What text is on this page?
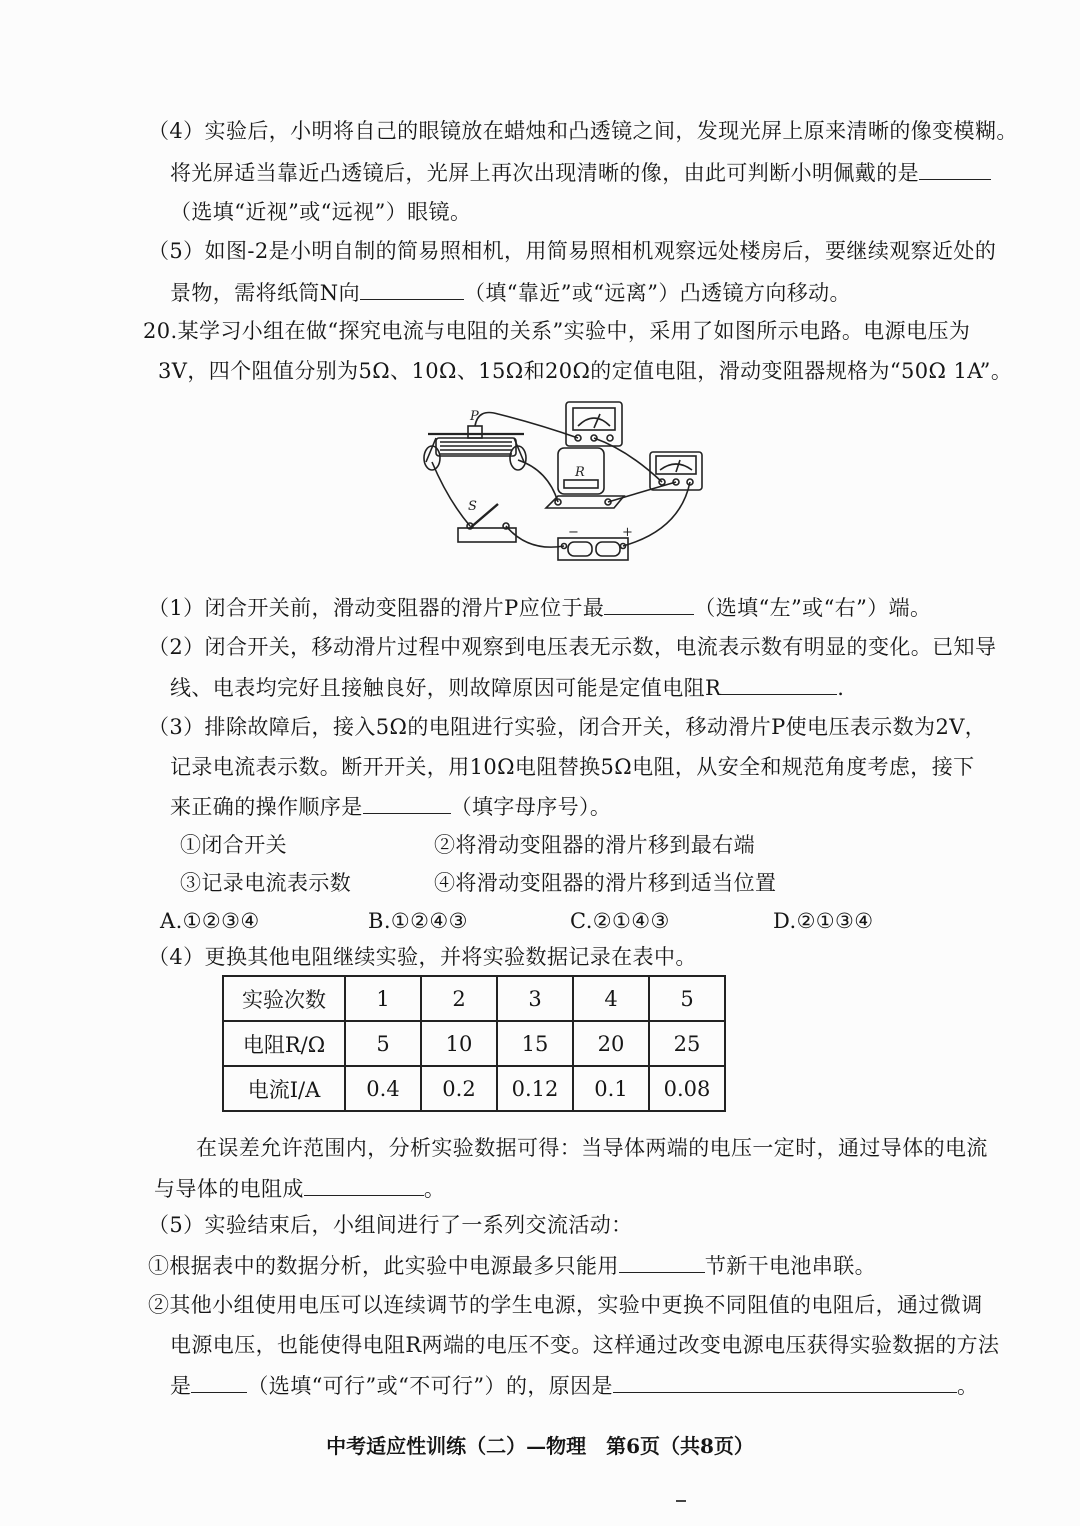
（4）实验后，小明将自己的眼镜放在蜡烛和凸透镜之间，发现光屏上原来清晰的像变模糊。
将光屏适当靠近凸透镜后，光屏上再次出现清晰的像，由此可判断小明佩戴的是
（选填“近视”或“远视”）眼镜。
（5）如图-2是小明自制的简易照相机，用简易照相机观察远处楼房后，要继续观察近处的
景物，需将纸筒N向	（填“靠近”或“远离”）凸透镜方向移动。
20.某学习小组在做“探究电流与电阻的关系”实验中，采用了如图所示电路。电源电压为
3V，四个阻值分别为5Ω、10Ω、15Ω和20Ω的定值电阻，滑动变阻器规格为“50Ω 1A”。
P
R
S
−	+
（1）闭合开关前，滑动变阻器的滑片P应位于最	（选填“左”或“右”）端。
（2）闭合开关，移动滑片过程中观察到电压表无示数，电流表示数有明显的变化。已知导
线、电表均完好且接触良好，则故障原因可能是定值电阻R	.
（3）排除故障后，接入5Ω的电阻进行实验，闭合开关，移动滑片P使电压表示数为2V，
记录电流表示数。断开开关，用10Ω电阻替换5Ω电阻，从安全和规范角度考虑，接下
来正确的操作顺序是	（填字母序号）。
①闭合开关	②将滑动变阻器的滑片移到最右端
③记录电流表示数	④将滑动变阻器的滑片移到适当位置
A.①②③④	B.①②④③	C.②①④③	D.②①③④
（4）更换其他电阻继续实验，并将实验数据记录在表中。
实验次数	1	2	3	4	5
电阻R/Ω	5	10	15	20	25
电流I/A	0.4	0.2	0.12	0.1	0.08
在误差允许范围内，分析实验数据可得：当导体两端的电压一定时，通过导体的电流
与导体的电阻成	。
（5）实验结束后，小组间进行了一系列交流活动：
①根据表中的数据分析，此实验中电源最多只能用	节新干电池串联。
②其他小组使用电压可以连续调节的学生电源，实验中更换不同阻值的电阻后，通过微调
电源电压，也能使得电阻R两端的电压不变。这样通过改变电源电压获得实验数据的方法
是	（选填“可行”或“不可行”）的，原因是	。
中考适应性训练（二）—物理　第6页（共8页）
